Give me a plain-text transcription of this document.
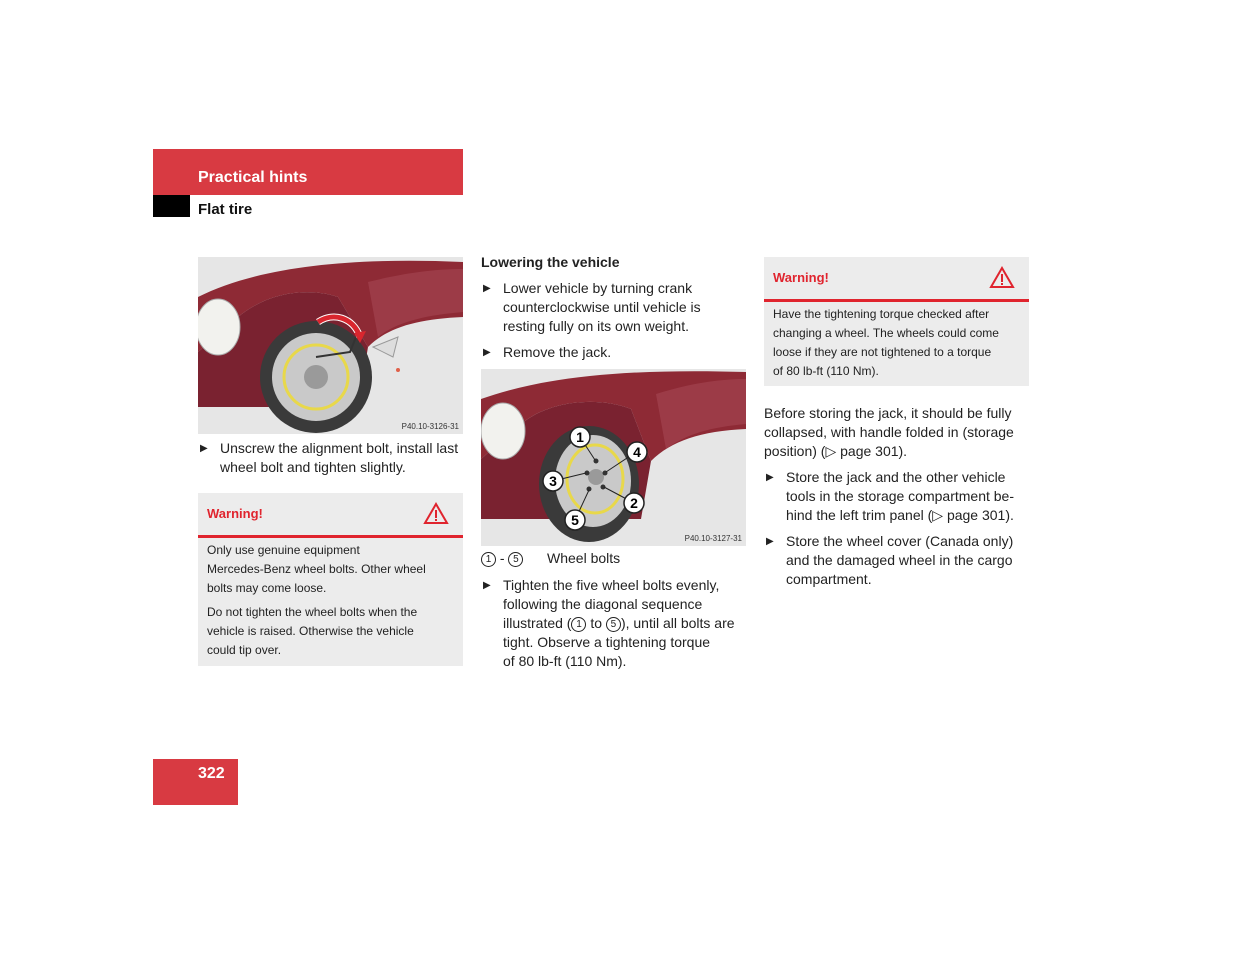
Practical hints
Flat tire
P40.10-3126-31
▶ Unscrew the alignment bolt, install last
wheel bolt and tighten slightly.
Warning!
Only use genuine equipment
Mercedes-Benz wheel bolts. Other wheel
bolts may come loose.
Do not tighten the wheel bolts when the
vehicle is raised. Otherwise the vehicle
could tip over.
Lowering the vehicle
▶ Lower vehicle by turning crank
counterclockwise until vehicle is
resting fully on its own weight.
▶ Remove the jack.
1
4
3
2
5
P40.10-3127-31
1 - 5	Wheel bolts
▶ Tighten the five wheel bolts evenly,
following the diagonal sequence
illustrated ( 1 to 5 ), until all bolts are
tight. Observe a tightening torque
of 80 lb-ft (110 Nm).
Warning!
Have the tightening torque checked after
changing a wheel. The wheels could come
loose if they are not tightened to a torque
of 80 lb-ft (110 Nm).
Before storing the jack, it should be fully
collapsed, with handle folded in (storage
position) (▷ page 301).
▶ Store the jack and the other vehicle
tools in the storage compartment be-
hind the left trim panel (▷ page 301).
▶ Store the wheel cover (Canada only)
and the damaged wheel in the cargo
compartment.
322
